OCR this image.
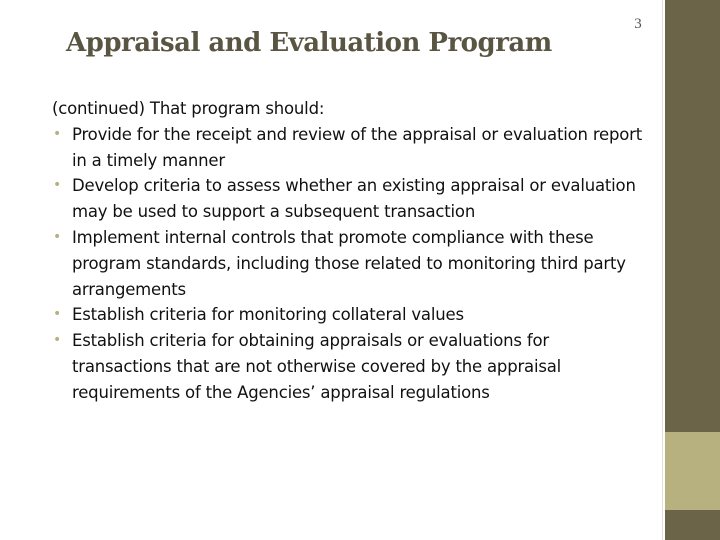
3
Appraisal and Evaluation Program

(continued) That program should:

• Provide for the receipt and review of the appraisal or evaluation report in a timely manner
• Develop criteria to assess whether an existing appraisal or evaluation may be used to support a subsequent transaction
• Implement internal controls that promote compliance with these program standards, including those related to monitoring third party arrangements
• Establish criteria for monitoring collateral values
• Establish criteria for obtaining appraisals or evaluations for transactions that are not otherwise covered by the appraisal requirements of the Agencies’ appraisal regulations
